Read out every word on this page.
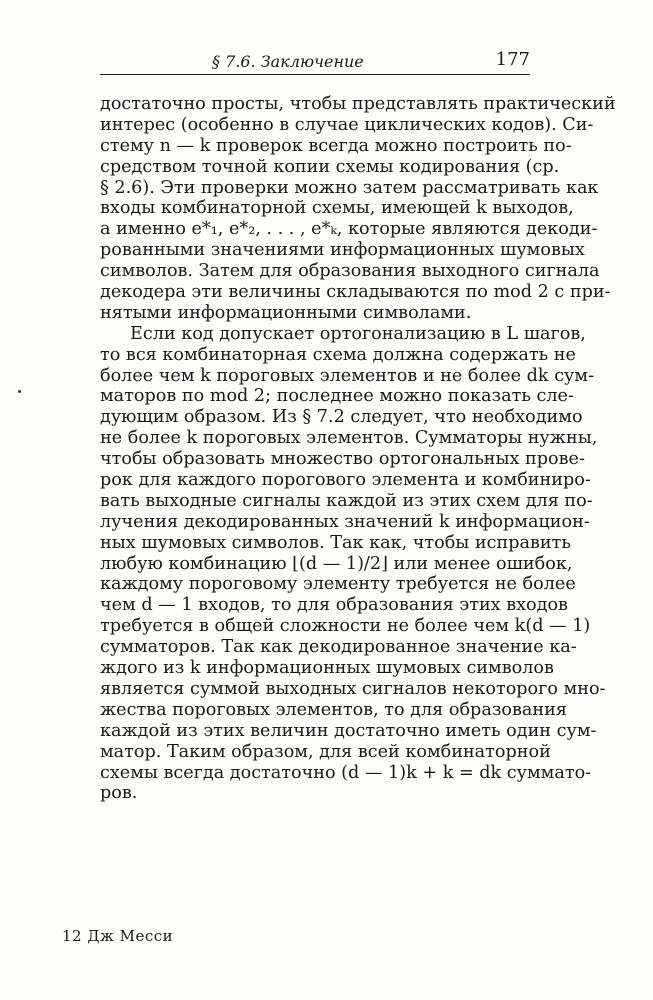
§ 7.6. Заключение	177
достаточно просты, чтобы представлять практический
интерес (особенно в случае циклических кодов). Си-
стему n — k проверок всегда можно построить по-
средством точной копии схемы кодирования (ср.
§ 2.6). Эти проверки можно затем рассматривать как
входы комбинаторной схемы, имеющей k выходов,
а именно e*₁, e*₂, . . . , e*ₖ, которые являются декоди-
рованными значениями информационных шумовых
символов. Затем для образования выходного сигнала
декодера эти величины складываются по mod 2 с при-
нятыми информационными символами.
Если код допускает ортогонализацию в L шагов,
то вся комбинаторная схема должна содержать не
более чем k пороговых элементов и не более dk сум-
маторов по mod 2; последнее можно показать сле-
дующим образом. Из § 7.2 следует, что необходимо
не более k пороговых элементов. Сумматоры нужны,
чтобы образовать множество ортогональных прове-
рок для каждого порогового элемента и комбиниро-
вать выходные сигналы каждой из этих схем для по-
лучения декодированных значений k информацион-
ных шумовых символов. Так как, чтобы исправить
любую комбинацию ⌊(d — 1)/2⌋ или менее ошибок,
каждому пороговому элементу требуется не более
чем d — 1 входов, то для образования этих входов
требуется в общей сложности не более чем k(d — 1)
сумматоров. Так как декодированное значение ка-
ждого из k информационных шумовых символов
является суммой выходных сигналов некоторого мно-
жества пороговых элементов, то для образования
каждой из этих величин достаточно иметь один сум-
матор. Таким образом, для всей комбинаторной
схемы всегда достаточно (d — 1)k + k = dk суммато-
ров.
12 Дж Месси
